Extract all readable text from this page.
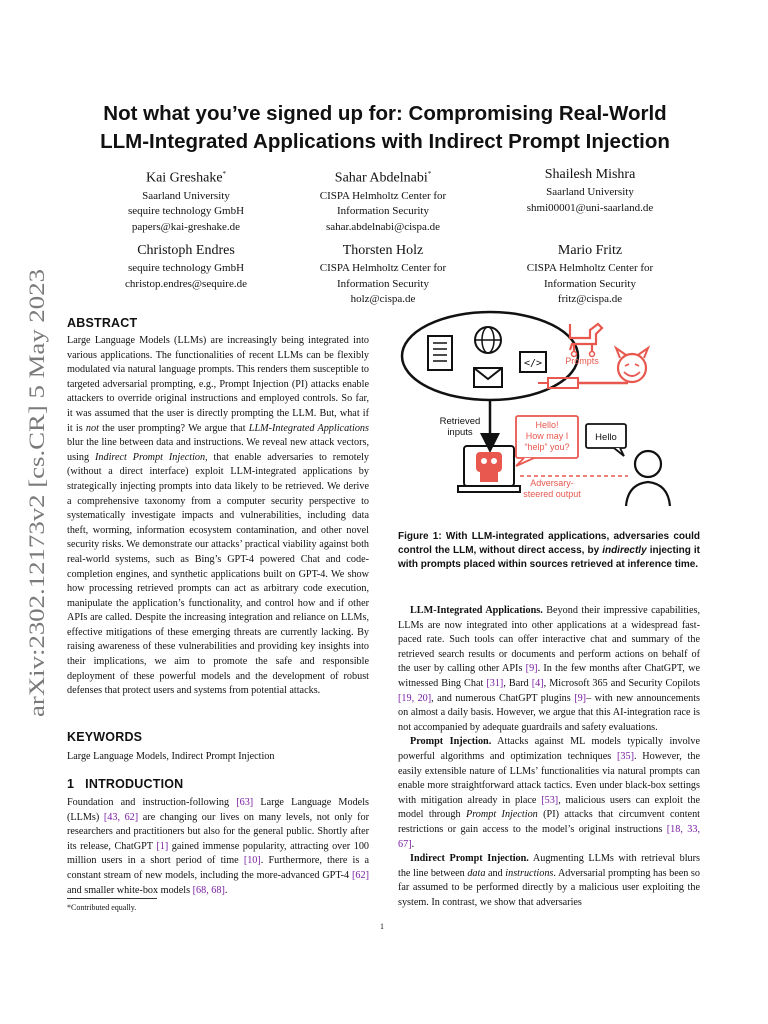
arXiv:2302.12173v2 [cs.CR] 5 May 2023
Not what you’ve signed up for: Compromising Real-World
LLM-Integrated Applications with Indirect Prompt Injection
Kai Greshake*
Saarland University
sequire technology GmbH
papers@kai-greshake.de
Sahar Abdelnabi*
CISPA Helmholtz Center for
Information Security
sahar.abdelnabi@cispa.de
Shailesh Mishra
Saarland University
shmi00001@uni-saarland.de
Christoph Endres
sequire technology GmbH
christop.endres@sequire.de
Thorsten Holz
CISPA Helmholtz Center for
Information Security
holz@cispa.de
Mario Fritz
CISPA Helmholtz Center for
Information Security
fritz@cispa.de
ABSTRACT
Large Language Models (LLMs) are increasingly being integrated into various applications. The functionalities of recent LLMs can be flexibly modulated via natural language prompts. This renders them susceptible to targeted adversarial prompting, e.g., Prompt Injection (PI) attacks enable attackers to override original instructions and employed controls. So far, it was assumed that the user is directly prompting the LLM. But, what if it is not the user prompting? We argue that LLM-Integrated Applications blur the line between data and instructions. We reveal new attack vectors, using Indirect Prompt Injection, that enable adversaries to remotely (without a direct interface) exploit LLM-integrated applications by strategically injecting prompts into data likely to be retrieved. We derive a comprehensive taxonomy from a computer security perspective to systematically investigate impacts and vulnerabilities, including data theft, worming, information ecosystem contamination, and other novel security risks. We demonstrate our attacks’ practical viability against both real-world systems, such as Bing’s GPT-4 powered Chat and code-completion engines, and synthetic applications built on GPT-4. We show how processing retrieved prompts can act as arbitrary code execution, manipulate the application’s functionality, and control how and if other APIs are called. Despite the increasing integration and reliance on LLMs, effective mitigations of these emerging threats are currently lacking. By raising awareness of these vulnerabilities and providing key insights into their implications, we aim to promote the safe and responsible deployment of these powerful models and the development of robust defenses that protect users and systems from potential attacks.
KEYWORDS
Large Language Models, Indirect Prompt Injection
1   INTRODUCTION
Foundation and instruction-following [63] Large Language Models (LLMs) [43, 62] are changing our lives on many levels, not only for researchers and practitioners but also for the general public. Shortly after its release, ChatGPT [1] gained immense popularity, attracting over 100 million users in a short period of time [10]. Furthermore, there is a constant stream of new models, including the more-advanced GPT-4 [62] and smaller white-box models [68, 68].
*Contributed equally.
1
</>	Prompts
Retrieved
inputs
Hello!
How may I
“help” you?
Hello
Adversary-
steered output
Figure 1: With LLM-integrated applications, adversaries could control the LLM, without direct access, by indirectly injecting it with prompts placed within sources retrieved at inference time.

LLM-Integrated Applications. Beyond their impressive capabilities, LLMs are now integrated into other applications at a widespread fast-paced rate. Such tools can offer interactive chat and summary of the retrieved search results or documents and perform actions on behalf of the user by calling other APIs [9]. In the few months after ChatGPT, we witnessed Bing Chat [31], Bard [4], Microsoft 365 and Security Copilots [19, 20], and numerous ChatGPT plugins [9]– with new announcements on almost a daily basis. However, we argue that this AI-integration race is not accompanied by adequate guardrails and safety evaluations.

Prompt Injection. Attacks against ML models typically involve powerful algorithms and optimization techniques [35]. However, the easily extensible nature of LLMs’ functionalities via natural prompts can enable more straightforward attack tactics. Even under black-box settings with mitigation already in place [53], malicious users can exploit the model through Prompt Injection (PI) attacks that circumvent content restrictions or gain access to the model’s original instructions [18, 33, 67].

Indirect Prompt Injection. Augmenting LLMs with retrieval blurs the line between data and instructions. Adversarial prompting has been so far assumed to be performed directly by a malicious user exploiting the system. In contrast, we show that adversaries
